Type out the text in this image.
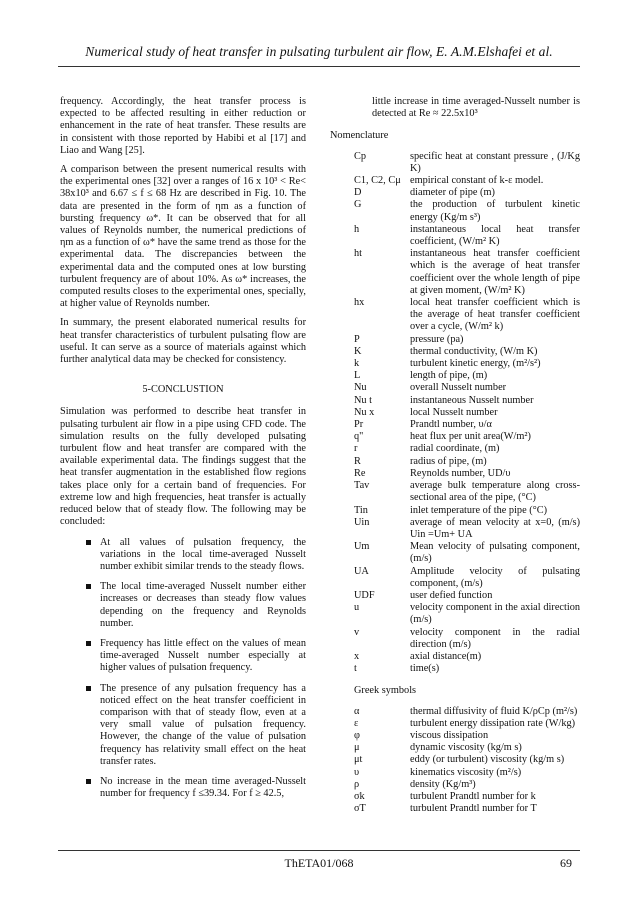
Numerical study of heat transfer in pulsating turbulent air flow, E. A.M.Elshafei et al.

frequency. Accordingly, the heat transfer process is expected to be affected resulting in either reduction or enhancement in the rate of heat transfer. These results are in consistent with those reported by Habibi et al [17] and Liao and Wang [25].

A comparison between the present numerical results with the experimental ones [32] over a ranges of 16 x 10³ < Re< 38x10³ and 6.67 ≤ f ≤ 68 Hz are described in Fig. 10. The data are presented in the form of ηm as a function of bursting frequency ω*. It can be observed that for all values of Reynolds number, the numerical predictions of ηm as a function of ω* have the same trend as those for the experimental data. The discrepancies between the experimental data and the computed ones at low bursting turbulent frequency are of about 10%. As ω* increases, the computed results closes to the experimental ones, specially, at higher value of Reynolds number.

In summary, the present elaborated numerical results for heat transfer characteristics of turbulent pulsating flow are useful. It can serve as a source of materials against which further analytical data may be checked for consistency.

5-CONCLUSTION

Simulation was performed to describe heat transfer in pulsating turbulent air flow in a pipe using CFD code. The simulation results on the fully developed pulsating turbulent flow and heat transfer are compared with the available experimental data. The findings suggest that the heat transfer augmentation in the established flow regions takes place only for a certain band of frequencies. For extreme low and high frequencies, heat transfer is actually reduced below that of steady flow. The following may be concluded:

At all values of pulsation frequency, the variations in the local time-averaged Nusselt number exhibit similar trends to the steady flows.
The local time-averaged Nusselt number either increases or decreases than steady flow values depending on the frequency and Reynolds number.
Frequency has little effect on the values of mean time-averaged Nusselt number especially at higher values of pulsation frequency.
The presence of any pulsation frequency has a noticed effect on the heat transfer coefficient in comparison with that of steady flow, even at a very small value of pulsation frequency. However, the change of the value of pulsation frequency has relativity small effect on the heat transfer rates.
No increase in the mean time averaged-Nusselt number for frequency f ≤39.34. For f ≥ 42.5,

little increase in time averaged-Nusselt number is detected at Re ≈ 22.5x10³

Nomenclature
Cp	specific heat at constant pressure , (J/Kg K)
C1, C2, Cμ empirical constant of k-ε model.
D	diameter of pipe (m)
G	the production of turbulent kinetic energy (Kg/m s³)
h	instantaneous local heat transfer coefficient, (W/m² K)
ht	instantaneous heat transfer coefficient which is the average of heat transfer coefficient over the whole length of pipe at given moment, (W/m² K)
hx	local heat transfer coefficient which is the average of heat transfer coefficient over a cycle, (W/m² k)
P	pressure (pa)
K	thermal conductivity, (W/m K)
k	turbulent kinetic energy, (m²/s²)
L	length of pipe, (m)
Nu	overall Nusselt number
Nu t	instantaneous Nusselt number
Nu x	local Nusselt number
Pr	Prandtl number, υ/α
q"	heat flux per unit area(W/m²)
r	radial coordinate, (m)
R	radius of pipe, (m)
Re	Reynolds number, UD/υ
Tav	average bulk temperature along cross-sectional area of the pipe, (°C)
Tin	inlet temperature of the pipe (°C)
Uin	average of mean velocity at x=0, (m/s) Uin =Um+ UA
Um	Mean velocity of pulsating component, (m/s)
UA	Amplitude velocity of pulsating component, (m/s)
UDF	user defied function
u	velocity component in the axial direction (m/s)
v	velocity component in the radial direction (m/s)
x	axial distance(m)
t	time(s)
Greek symbols
α	thermal diffusivity of fluid K/ρCp (m²/s)
ε	turbulent energy dissipation rate (W/kg)
φ	viscous dissipation
μ	dynamic viscosity (kg/m s)
μt	eddy (or turbulent) viscosity (kg/m s)
υ	kinematics viscosity (m²/s)
ρ	density (Kg/m³)
σk	turbulent Prandtl number for k
σT	turbulent Prandtl number for T
ThETA01/068	69
